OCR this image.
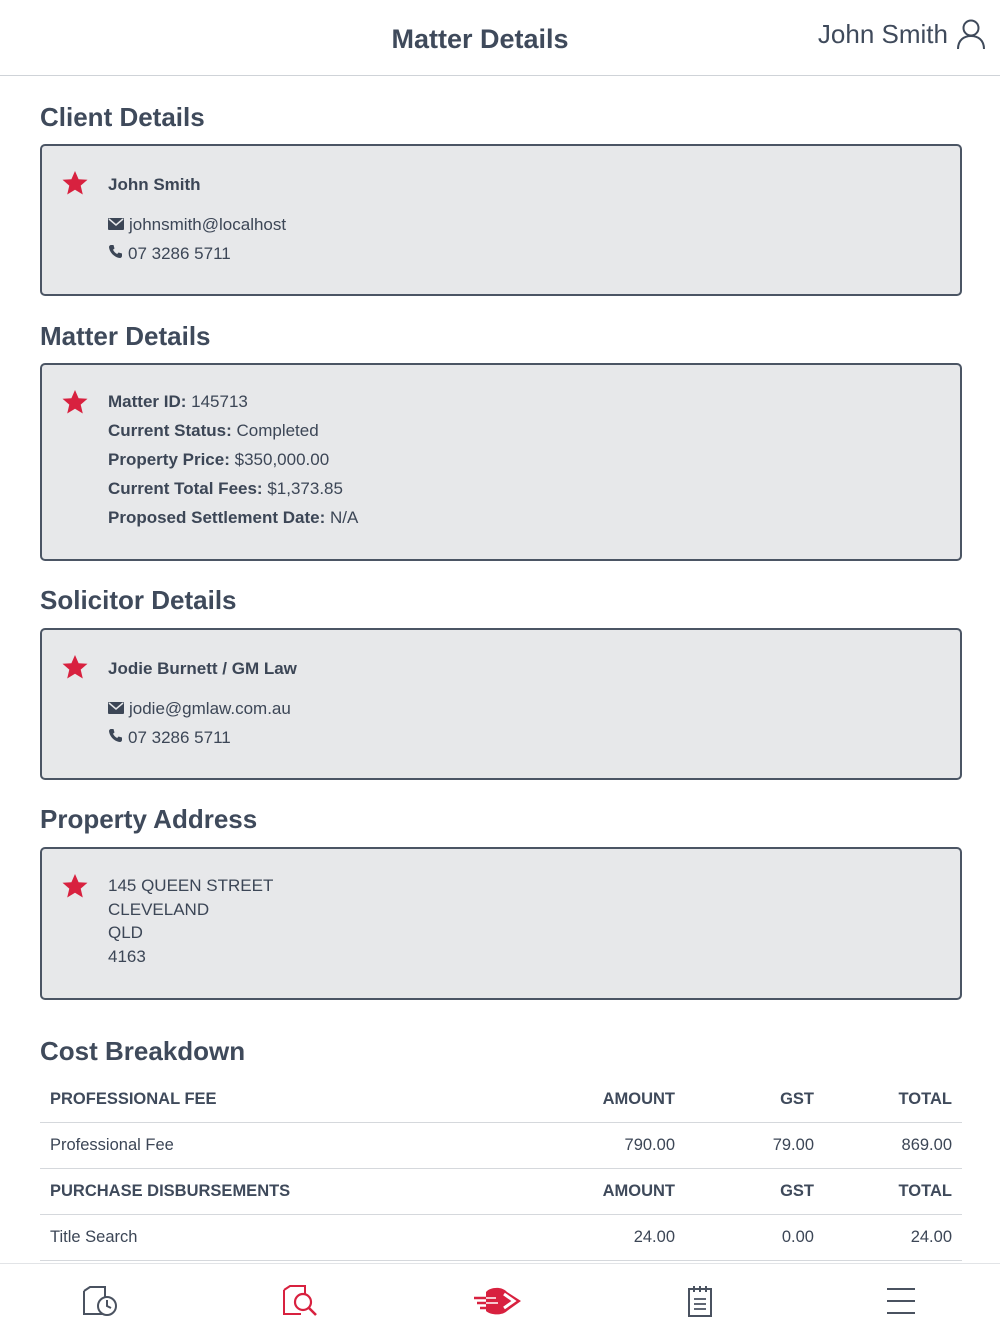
Matter Details	John Smith
Client Details
John Smith
johnsmith@localhost
07 3286 5711
Matter Details
Matter ID: 145713
Current Status: Completed
Property Price: $350,000.00
Current Total Fees: $1,373.85
Proposed Settlement Date: N/A
Solicitor Details
Jodie Burnett / GM Law
jodie@gmlaw.com.au
07 3286 5711
Property Address
145 QUEEN STREET
CLEVELAND
QLD
4163
Cost Breakdown
PROFESSIONAL FEE	AMOUNT	GST	TOTAL
Professional Fee	790.00	79.00	869.00
PURCHASE DISBURSEMENTS	AMOUNT	GST	TOTAL
Title Search	24.00	0.00	24.00
